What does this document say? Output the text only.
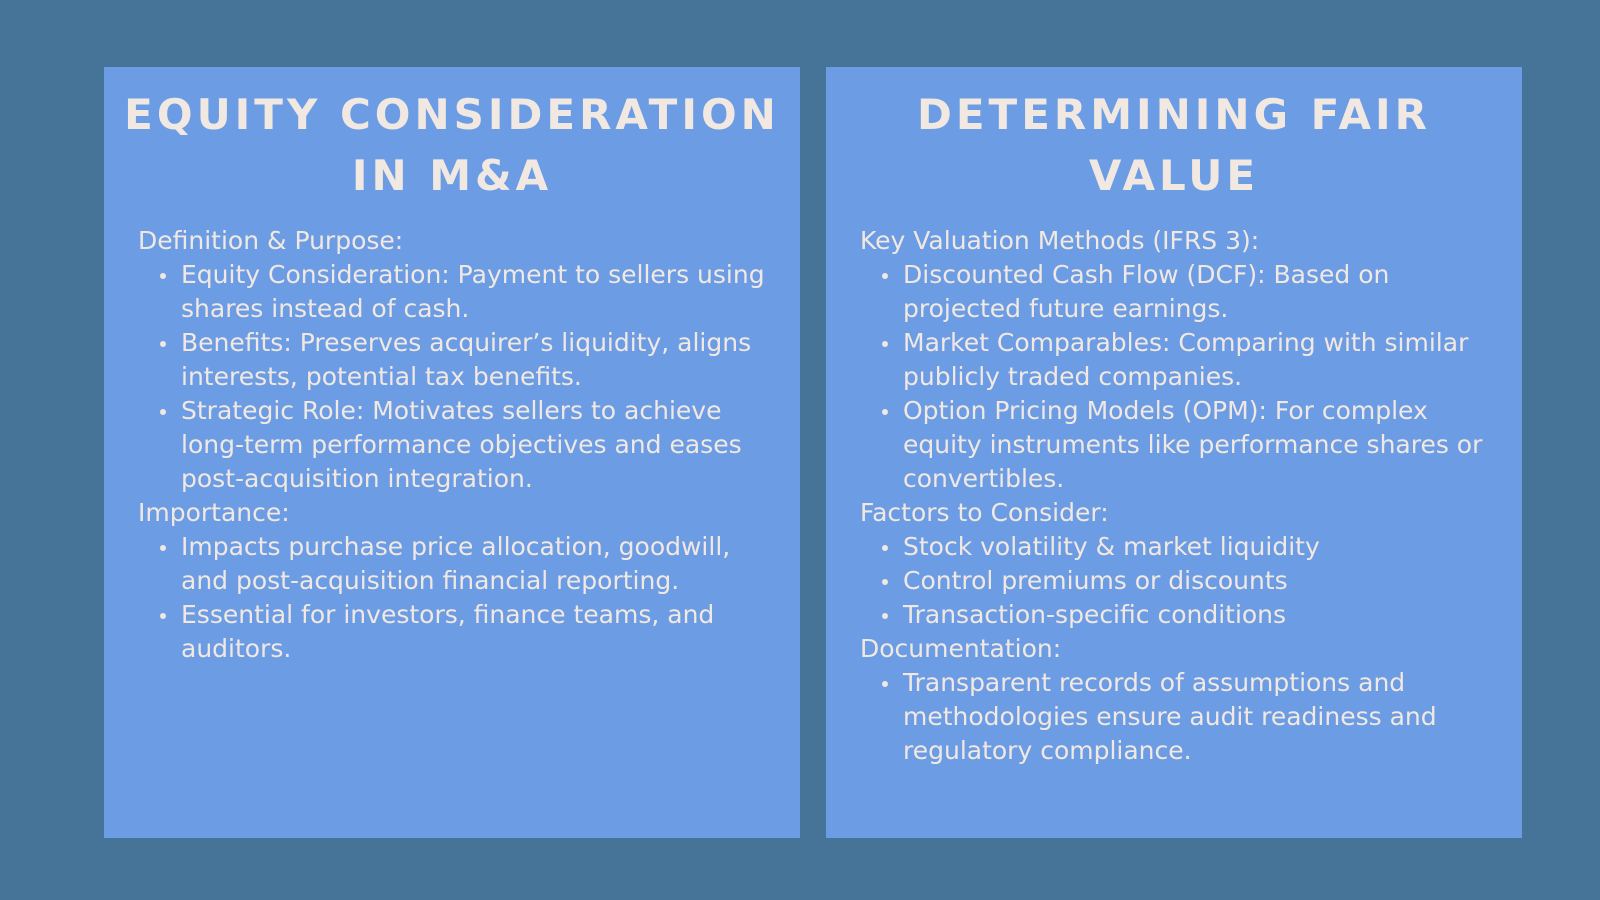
EQUITY CONSIDERATION
IN M&A

Definition & Purpose:

Equity Consideration: Payment to sellers using shares instead of cash.
Benefits: Preserves acquirer’s liquidity, aligns interests, potential tax benefits.
Strategic Role: Motivates sellers to achieve long-term performance objectives and eases post-acquisition integration.

Importance:

Impacts purchase price allocation, goodwill, and post-acquisition financial reporting.
Essential for investors, finance teams, and auditors.
DETERMINING FAIR
VALUE

Key Valuation Methods (IFRS 3):

Discounted Cash Flow (DCF): Based on projected future earnings.
Market Comparables: Comparing with similar publicly traded companies.
Option Pricing Models (OPM): For complex equity instruments like performance shares or convertibles.

Factors to Consider:

Stock volatility & market liquidity
Control premiums or discounts
Transaction-specific conditions

Documentation:

Transparent records of assumptions and methodologies ensure audit readiness and regulatory compliance.
